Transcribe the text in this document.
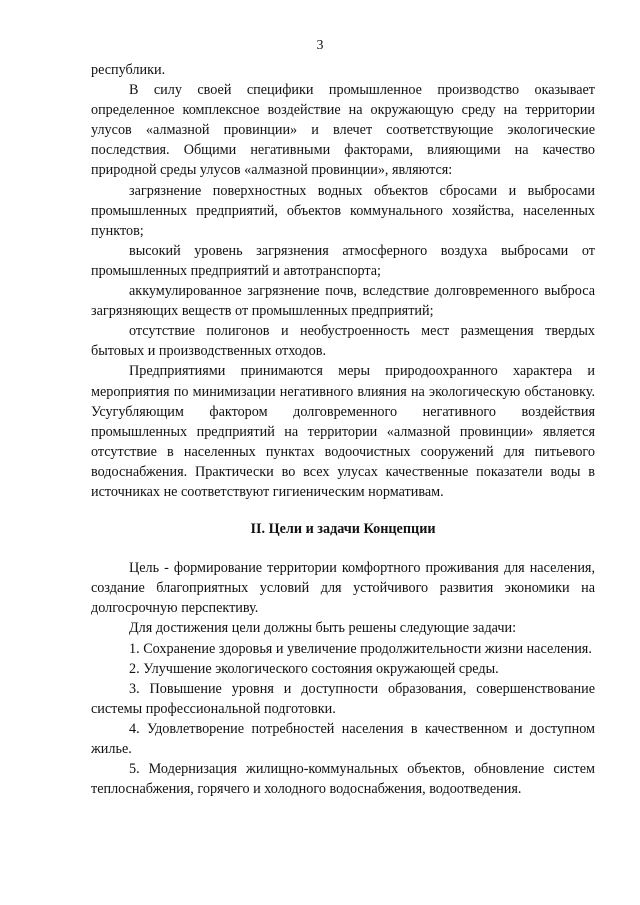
3

республики.

В силу своей специфики промышленное производство оказывает определенное комплексное воздействие на окружающую среду на территории улусов «алмазной провинции» и влечет соответствующие экологические последствия. Общими негативными факторами, влияющими на качество природной среды улусов «алмазной провинции», являются:

загрязнение поверхностных водных объектов сбросами и выбросами промышленных предприятий, объектов коммунального хозяйства, населенных пунктов;

высокий уровень загрязнения атмосферного воздуха выбросами от промышленных предприятий и автотранспорта;

аккумулированное загрязнение почв, вследствие долговременного выброса загрязняющих веществ от промышленных предприятий;

отсутствие полигонов и необустроенность мест размещения твердых бытовых и производственных отходов.

Предприятиями принимаются меры природоохранного характера и мероприятия по минимизации негативного влияния на экологическую обстановку. Усугубляющим фактором долговременного негативного воздействия промышленных предприятий на территории «алмазной провинции» является отсутствие в населенных пунктах водоочистных сооружений для питьевого водоснабжения. Практически во всех улусах качественные показатели воды в источниках не соответствуют гигиеническим нормативам.

II. Цели и задачи Концепции

Цель - формирование территории комфортного проживания для населения, создание благоприятных условий для устойчивого развития экономики на долгосрочную перспективу.

Для достижения цели должны быть решены следующие задачи:

1. Сохранение здоровья и увеличение продолжительности жизни населения.

2. Улучшение экологического состояния окружающей среды.

3. Повышение уровня и доступности образования, совершенствование системы профессиональной подготовки.

4. Удовлетворение потребностей населения в качественном и доступном жилье.

5. Модернизация жилищно-коммунальных объектов, обновление систем теплоснабжения, горячего и холодного водоснабжения, водоотведения.
